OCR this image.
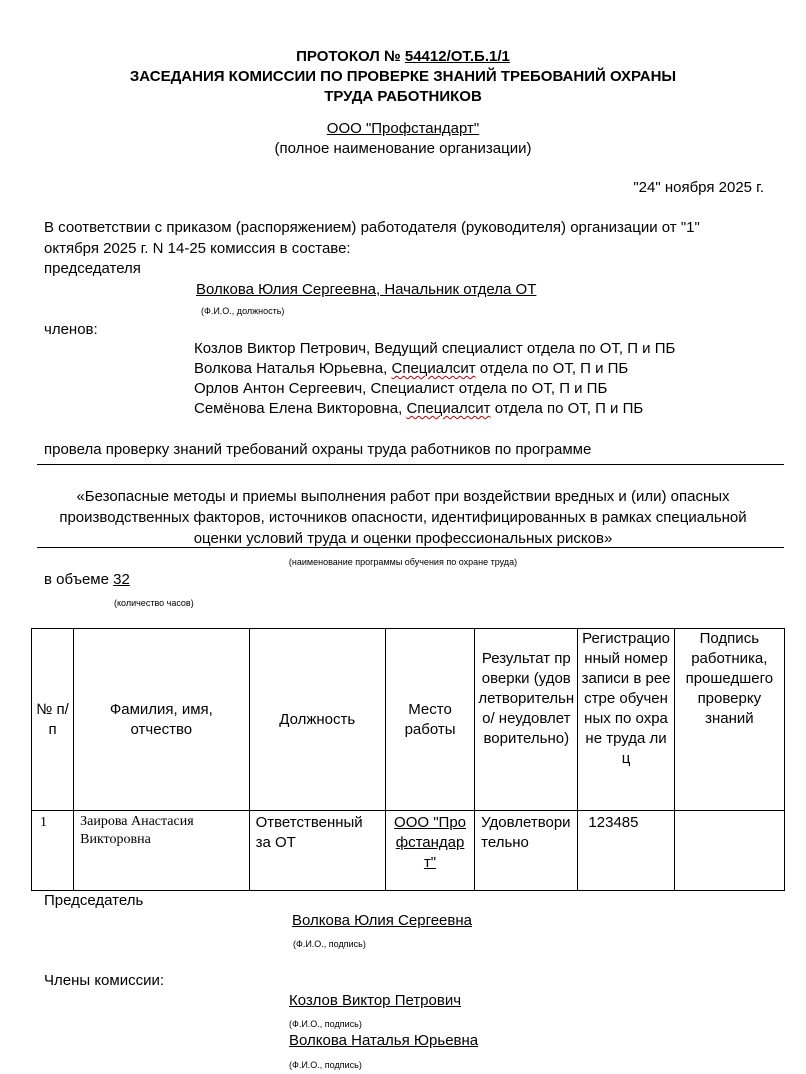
ПРОТОКОЛ № 54412/ОТ.Б.1/1
ЗАСЕДАНИЯ КОМИССИИ ПО ПРОВЕРКЕ ЗНАНИЙ ТРЕБОВАНИЙ ОХРАНЫ
ТРУДА РАБОТНИКОВ
ООО "Профстандарт"
(полное наименование организации)
"24" ноября 2025 г.
В соответствии с приказом (распоряжением) работодателя (руководителя) организации от "1"
октября 2025 г. N 14-25 комиссия в составе:
председателя
Волкова Юлия Сергеевна, Начальник отдела ОТ
(Ф.И.О., должность)
членов:
Козлов Виктор Петрович, Ведущий специалист отдела по ОТ, П и ПБ
Волкова Наталья Юрьевна, Специалсит отдела по ОТ, П и ПБ
Орлов Антон Сергеевич, Специалист отдела по ОТ, П и ПБ
Семёнова Елена Викторовна, Специалсит отдела по ОТ, П и ПБ
провела проверку знаний требований охраны труда работников по программе
«Безопасные методы и приемы выполнения работ при воздействии вредных и (или) опасных
производственных факторов, источников опасности, идентифицированных в рамках специальной
оценки условий труда и оценки профессиональных рисков»
(наименование программы обучения по охране труда)
в объеме 32
(количество часов)
№ п/п	Фамилия, имя, отчество	Должность	Место работы	Результат проверки (удовлетворительно/ неудовлетворительно)	Регистрационный номер записи в реестре обученных по охране труда лиц	Подпись работника, прошедшего проверку знаний
1	Заирова Анастасия Викторовна	Ответственный за ОТ	ООО "Профстандарт"	Удовлетворительно	123485	
Председатель
Волкова Юлия Сергеевна
(Ф.И.О., подпись)
Члены комиссии:
Козлов Виктор Петрович
(Ф.И.О., подпись)
Волкова Наталья Юрьевна
(Ф.И.О., подпись)
